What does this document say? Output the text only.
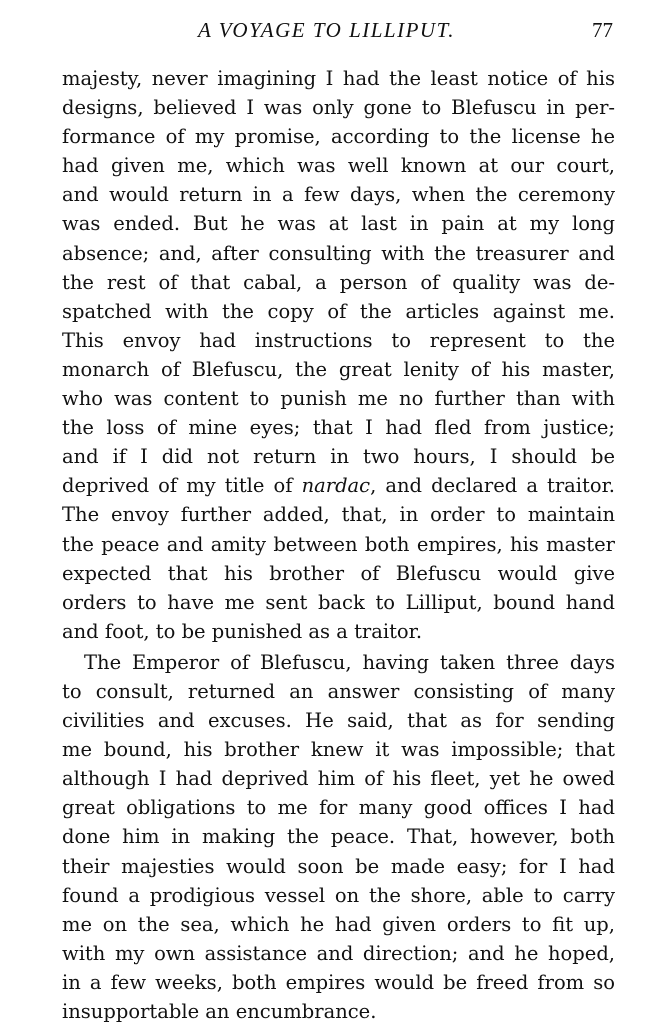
A VOYAGE TO LILLIPUT.	77
majesty, never imagining I had the least notice of his
designs, believed I was only gone to Blefuscu in per-
formance of my promise, according to the license he
had given me, which was well known at our court,
and would return in a few days, when the ceremony
was ended. But he was at last in pain at my long
absence; and, after consulting with the treasurer and
the rest of that cabal, a person of quality was de-
spatched with the copy of the articles against me.
This envoy had instructions to represent to the
monarch of Blefuscu, the great lenity of his master,
who was content to punish me no further than with
the loss of mine eyes; that I had fled from justice;
and if I did not return in two hours, I should be
deprived of my title of nardac, and declared a traitor.
The envoy further added, that, in order to maintain
the peace and amity between both empires, his master
expected that his brother of Blefuscu would give
orders to have me sent back to Lilliput, bound hand
and foot, to be punished as a traitor.
The Emperor of Blefuscu, having taken three days
to consult, returned an answer consisting of many
civilities and excuses. He said, that as for sending
me bound, his brother knew it was impossible; that
although I had deprived him of his fleet, yet he owed
great obligations to me for many good offices I had
done him in making the peace. That, however, both
their majesties would soon be made easy; for I had
found a prodigious vessel on the shore, able to carry
me on the sea, which he had given orders to fit up,
with my own assistance and direction; and he hoped,
in a few weeks, both empires would be freed from so
insupportable an encumbrance.
